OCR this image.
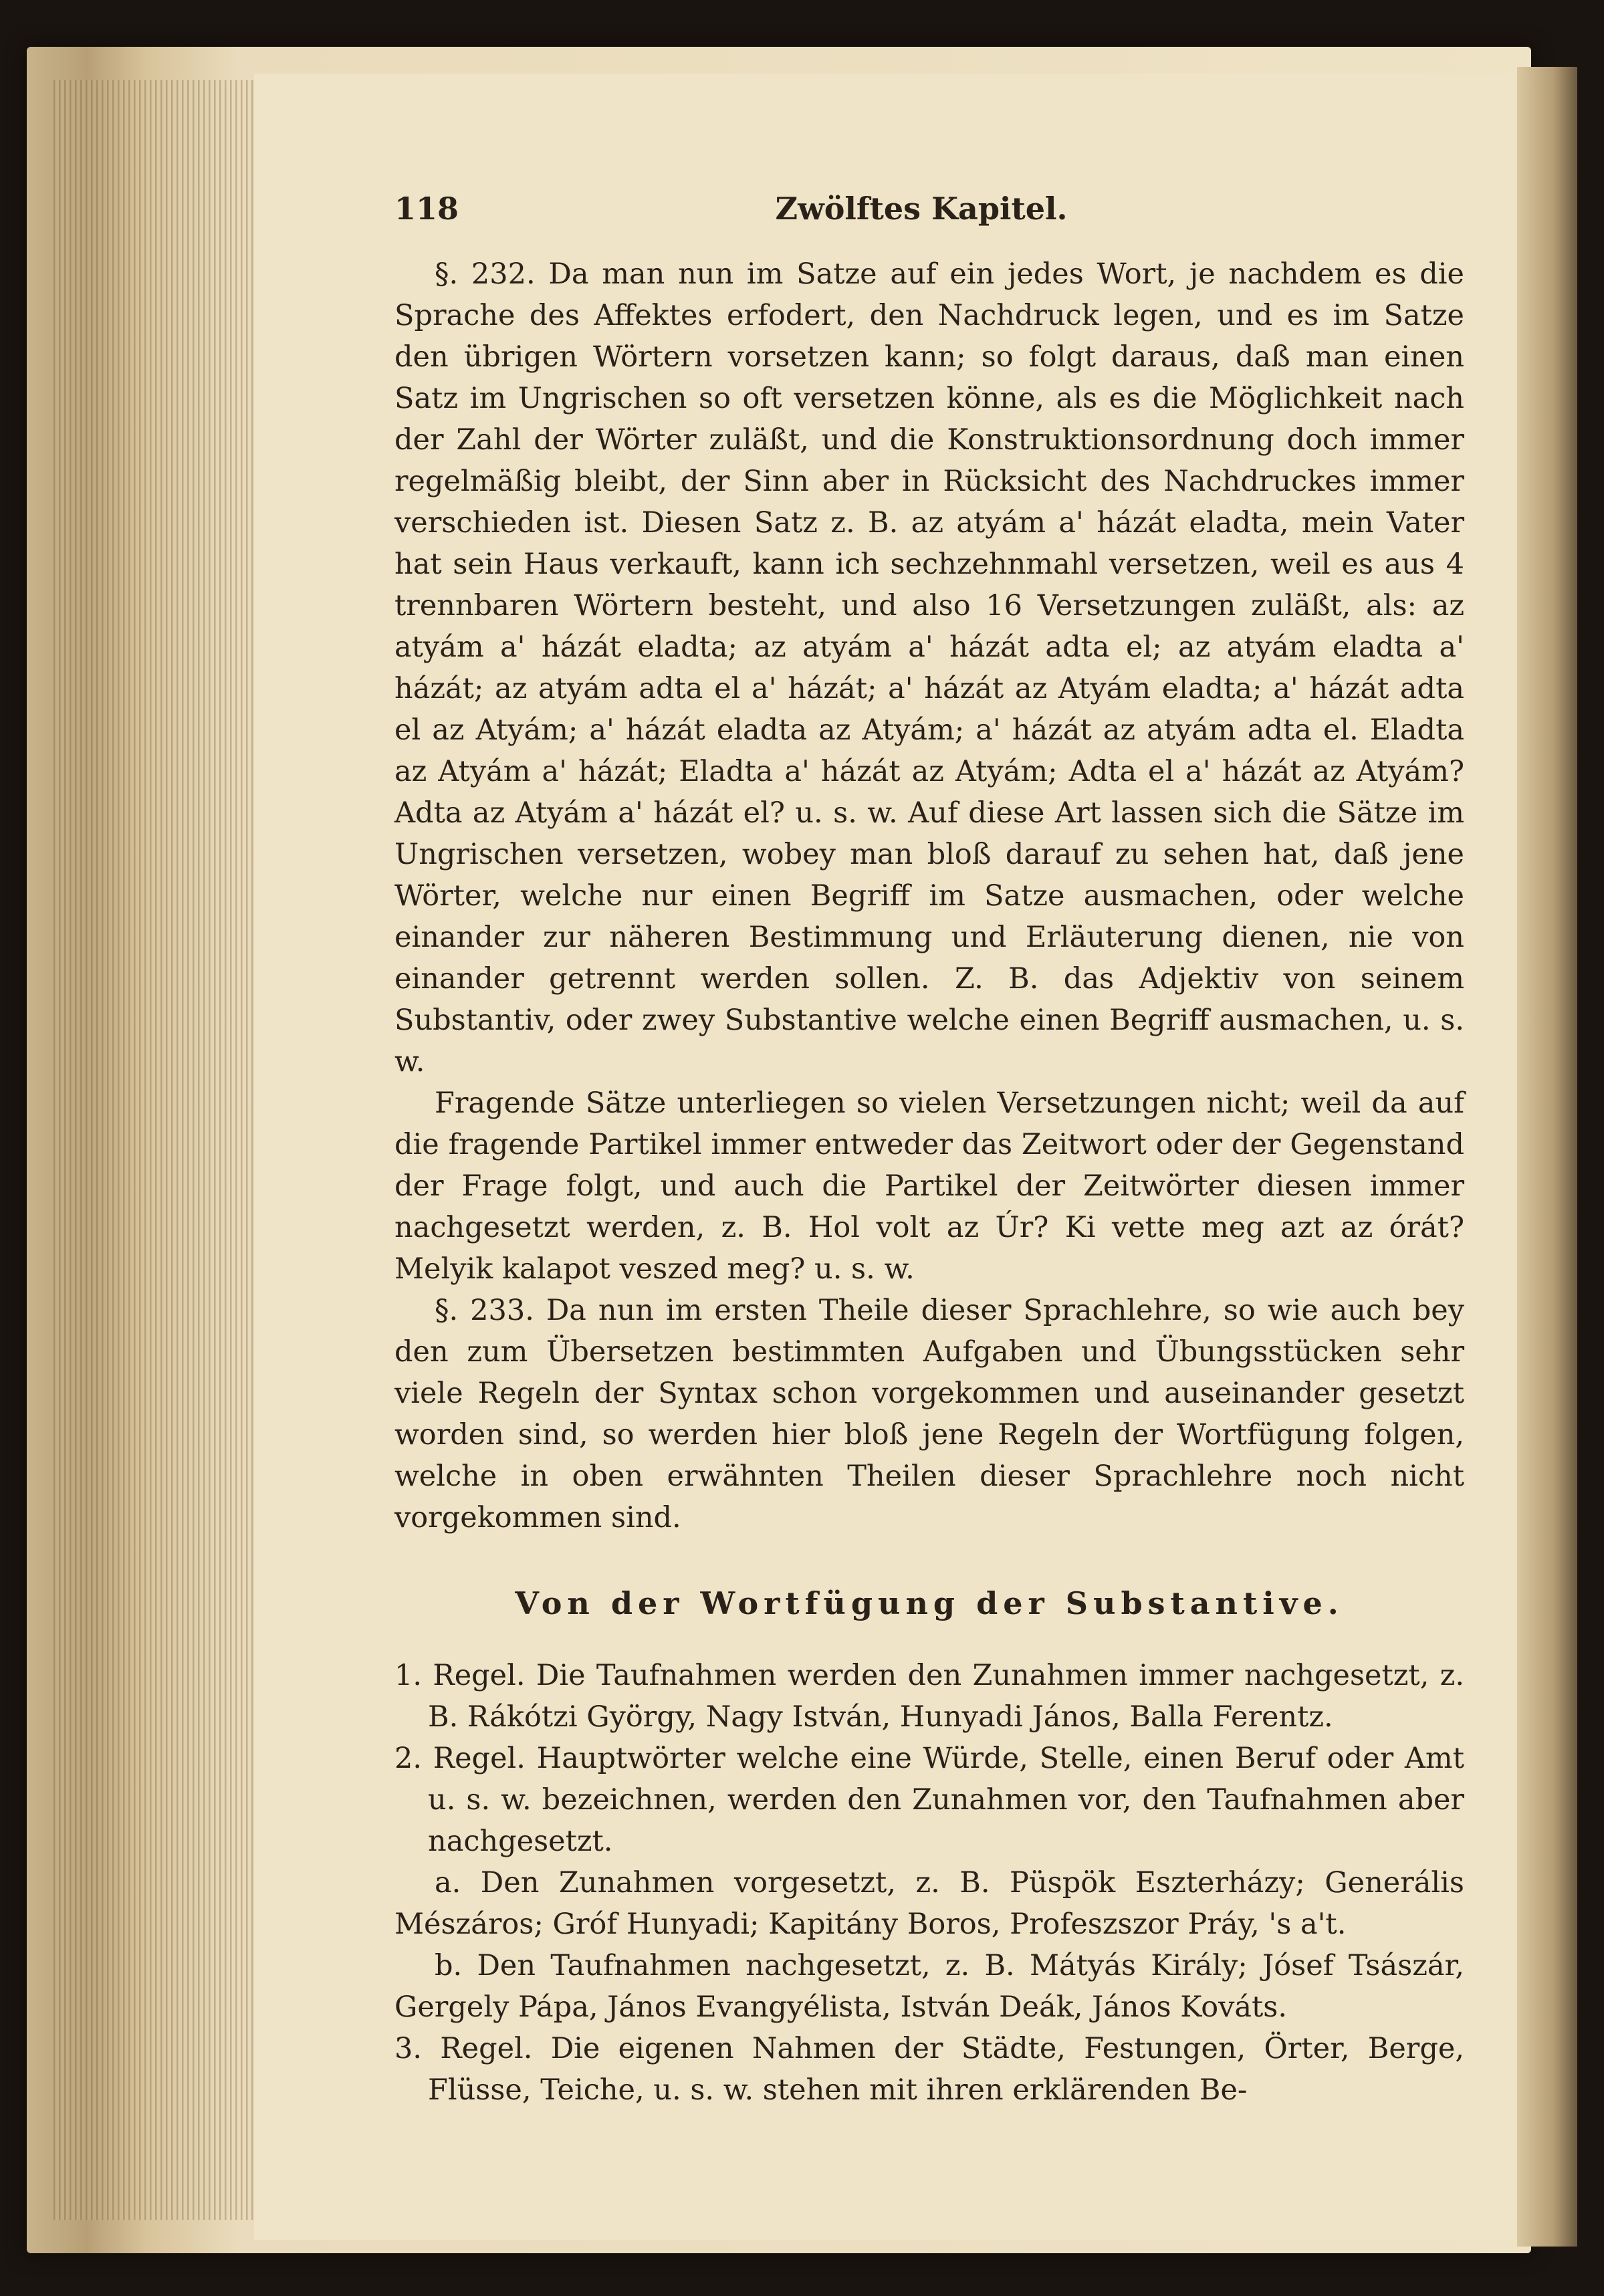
118	Zwölftes Kapitel.

§. 232. Da man nun im Satze auf ein jedes Wort, je nachdem es die Sprache des Affektes erfodert, den Nachdruck legen, und es im Satze den übrigen Wörtern vorsetzen kann; so folgt daraus, daß man einen Satz im Ungrischen so oft versetzen könne, als es die Möglichkeit nach der Zahl der Wörter zuläßt, und die Konstruktionsordnung doch immer regelmäßig bleibt, der Sinn aber in Rücksicht des Nachdruckes immer verschieden ist. Diesen Satz z. B. az atyám a' házát eladta, mein Vater hat sein Haus verkauft, kann ich sechzehnmahl versetzen, weil es aus 4 trennbaren Wörtern besteht, und also 16 Versetzungen zuläßt, als: az atyám a' házát eladta; az atyám a' házát adta el; az atyám eladta a' házát; az atyám adta el a' házát; a' házát az Atyám eladta; a' házát adta el az Atyám; a' házát eladta az Atyám; a' házát az atyám adta el. Eladta az Atyám a' házát; Eladta a' házát az Atyám; Adta el a' házát az Atyám? Adta az Atyám a' házát el? u. s. w. Auf diese Art lassen sich die Sätze im Ungrischen versetzen, wobey man bloß darauf zu sehen hat, daß jene Wörter, welche nur einen Begriff im Satze ausmachen, oder welche einander zur näheren Bestimmung und Erläuterung dienen, nie von einander getrennt werden sollen. Z. B. das Adjektiv von seinem Substantiv, oder zwey Substantive welche einen Begriff ausmachen, u. s. w.

Fragende Sätze unterliegen so vielen Versetzungen nicht; weil da auf die fragende Partikel immer entweder das Zeitwort oder der Gegenstand der Frage folgt, und auch die Partikel der Zeitwörter diesen immer nachgesetzt werden, z. B. Hol volt az Úr? Ki vette meg azt az órát? Melyik kalapot veszed meg? u. s. w.

§. 233. Da nun im ersten Theile dieser Sprachlehre, so wie auch bey den zum Übersetzen bestimmten Aufgaben und Übungsstücken sehr viele Regeln der Syntax schon vorgekommen und auseinander gesetzt worden sind, so werden hier bloß jene Regeln der Wortfügung folgen, welche in oben erwähnten Theilen dieser Sprachlehre noch nicht vorgekommen sind.

Von der Wortfügung der Substantive.

1. Regel. Die Taufnahmen werden den Zunahmen immer nachgesetzt, z. B. Rákótzi György, Nagy István, Hunyadi János, Balla Ferentz.

2. Regel. Hauptwörter welche eine Würde, Stelle, einen Beruf oder Amt u. s. w. bezeichnen, werden den Zunahmen vor, den Taufnahmen aber nachgesetzt.

a. Den Zunahmen vorgesetzt, z. B. Püspök Eszterházy; Generális Mészáros; Gróf Hunyadi; Kapitány Boros, Profeszszor Práy, 's a't.

b. Den Taufnahmen nachgesetzt, z. B. Mátyás Király; Jósef Tsászár, Gergely Pápa, János Evangyélista, István Deák, János Kováts.

3. Regel. Die eigenen Nahmen der Städte, Festungen, Örter, Berge, Flüsse, Teiche, u. s. w. stehen mit ihren erklärenden Be-
